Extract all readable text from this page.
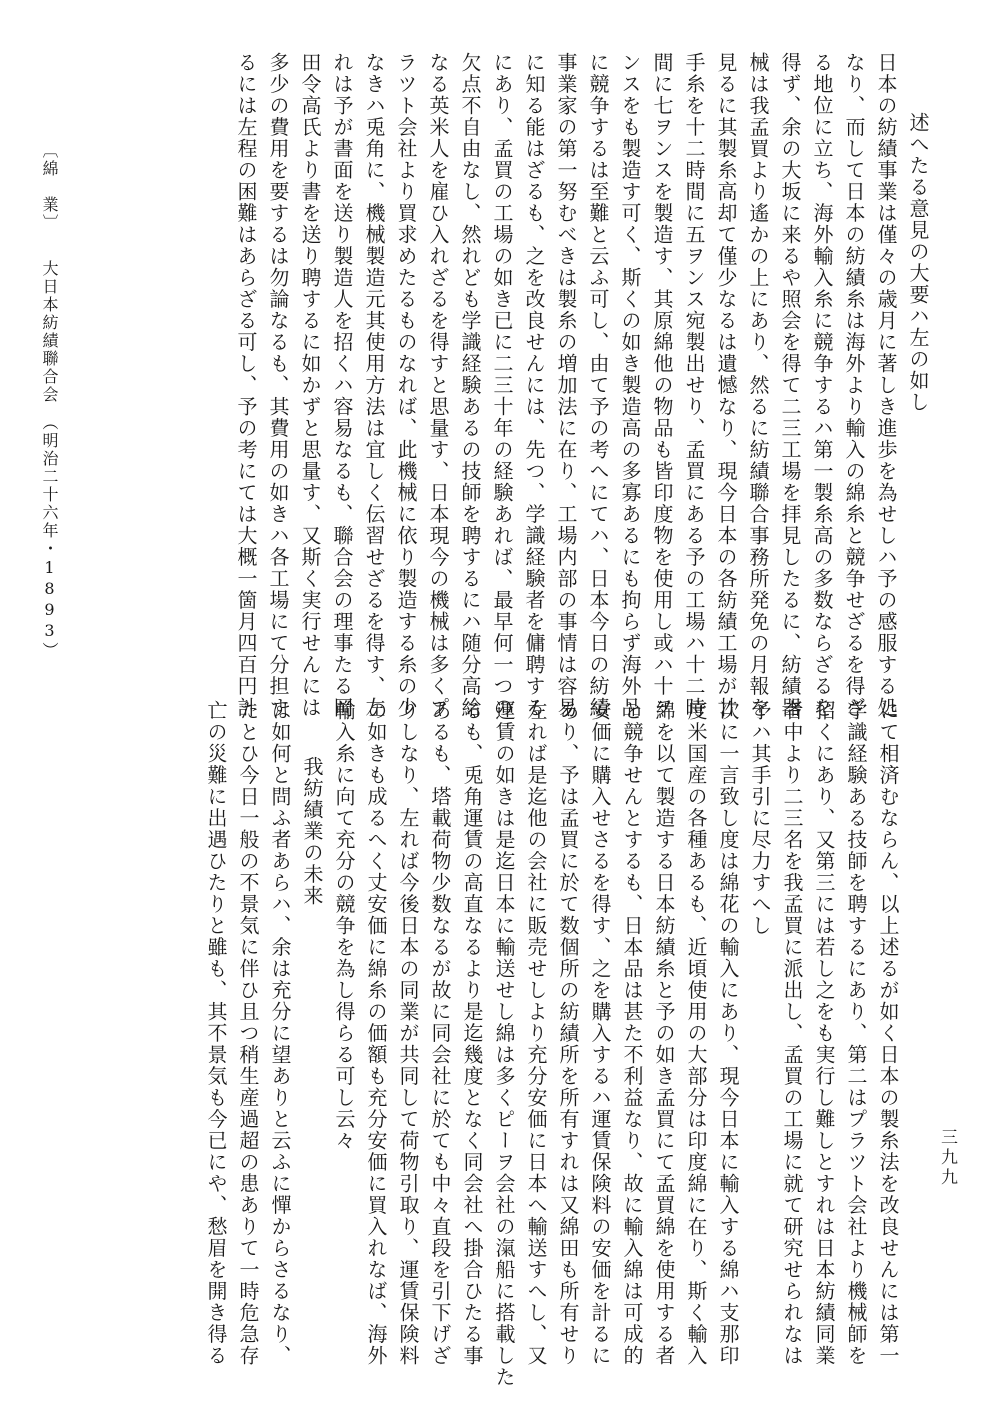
述へたる意見の大要ハ左の如し
日本の紡績事業は僅々の歳月に著しき進歩を為せしハ予の感服する処
なり、而して日本の紡績糸は海外より輸入の綿糸と競争せざるを得ざ
る地位に立ち、海外輸入糸に競争するハ第一製糸高の多数ならざるを
得ず、余の大坂に来るや照会を得て二三工場を拝見したるに、紡績器
械は我孟買より遙かの上にあり、然るに紡績聯合事務所発免の月報を
見るに其製糸高却て僅少なるは遺憾なり、現今日本の各紡績工場が廿
手糸を十二時間に五ヲンス宛製出せり、孟買にある予の工場ハ十二時
間に七ヲンスを製造す、其原綿他の物品も皆印度物を使用し或ハ十ヲ
ンスをも製造す可く、斯くの如き製造高の多寡あるにも拘らず海外品
に競争するは至難と云ふ可し、由て予の考へにてハ、日本今日の紡績
事業家の第一努むべきは製糸の増加法に在り、工場内部の事情は容易
に知る能はざるも、之を改良せんには、先つ、学識経験者を傭聘する
にあり、孟買の工場の如き已に二三十年の経験あれば、最早何一つの
欠点不自由なし、然れども学識経験あるの技師を聘するにハ随分高給
なる英米人を雇ひ入れざるを得すと思量す、日本現今の機械は多くプ
ラツト会社より買求めたるものなれば、此機械に依り製造する糸の少
なきハ兎角に、機械製造元其使用方法は宜しく伝習せざるを得す、左
れは予が書面を送り製造人を招くハ容易なるも、聯合会の理事たる岡
田令高氏より書を送り聘するに如かずと思量す、又斯く実行せんには
多少の費用を要するは勿論なるも、其費用の如きハ各工場にて分担す
るには左程の困難はあらざる可し、予の考にては大概一箇月四百円計
〔綿　業〕　　大日本紡績聯合会　（明治二十六年・1893）
にて相済むならん、以上述るが如く日本の製糸法を改良せんには第一
学識経験ある技師を聘するにあり、第二はプラツト会社より機械師を
招くにあり、又第三には若し之をも実行し難しとすれは日本紡績同業
者中より二三名を我孟買に派出し、孟買の工場に就て研究せられなは
予ハ其手引に尽力すへし
次に一言致し度は綿花の輸入にあり、現今日本に輸入する綿ハ支那印
度米国産の各種あるも、近頃使用の大部分は印度綿に在り、斯く輸入
綿を以て製造する日本紡績糸と予の如き孟買にて孟買綿を使用する者
と競争せんとするも、日本品は甚た不利益なり、故に輸入綿は可成的
安価に購入せさるを得す、之を購入するハ運賃保険料の安価を計るに
あり、予は孟買に於て数個所の紡績所を所有すれは又綿田も所有せり
左れば是迄他の会社に販売せしより充分安価に日本へ輸送すへし、又
運賃の如きは是迄日本に輸送せし綿は多くピーヲ会社の滊船に搭載した
るも、兎角運賃の高直なるより是迄幾度となく同会社へ掛合ひたる事
あるも、塔載荷物少数なるが故に同会社に於ても中々直段を引下げざ
りしなり、左れば今後日本の同業が共同して荷物引取り、運賃保険料
の如きも成るへく丈安価に綿糸の価額も充分安価に買入れなば、海外
輸入糸に向て充分の競争を為し得らる可し云々
我紡績業の未来
は如何と問ふ者あらハ、余は充分に望ありと云ふに憚からさるなり、
たとひ今日一般の不景気に伴ひ且つ稍生産過超の患ありて一時危急存
亡の災難に出遇ひたりと雖も、其不景気も今已にや、愁眉を開き得る	三九九
